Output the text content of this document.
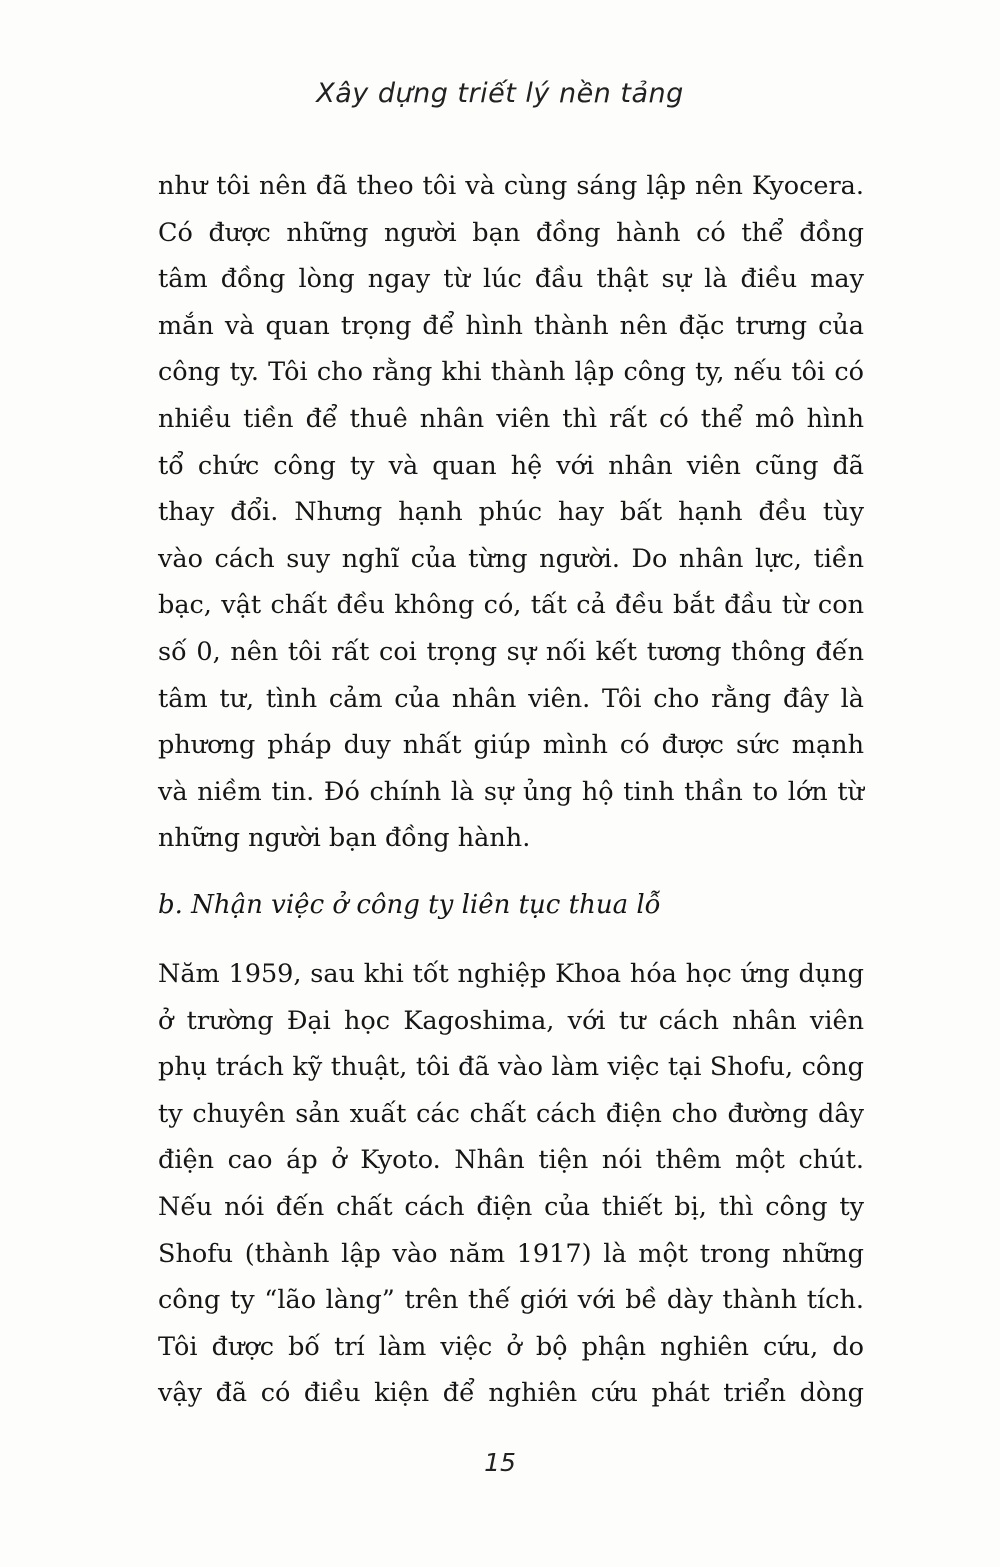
Xây dựng triết lý nền tảng
như tôi nên đã theo tôi và cùng sáng lập nên Kyocera.
Có được những người bạn đồng hành có thể đồng
tâm đồng lòng ngay từ lúc đầu thật sự là điều may
mắn và quan trọng để hình thành nên đặc trưng của
công ty. Tôi cho rằng khi thành lập công ty, nếu tôi có
nhiều tiền để thuê nhân viên thì rất có thể mô hình
tổ chức công ty và quan hệ với nhân viên cũng đã
thay đổi. Nhưng hạnh phúc hay bất hạnh đều tùy
vào cách suy nghĩ của từng người. Do nhân lực, tiền
bạc, vật chất đều không có, tất cả đều bắt đầu từ con
số 0, nên tôi rất coi trọng sự nối kết tương thông đến
tâm tư, tình cảm của nhân viên. Tôi cho rằng đây là
phương pháp duy nhất giúp mình có được sức mạnh
và niềm tin. Đó chính là sự ủng hộ tinh thần to lớn từ
những người bạn đồng hành.
b. Nhận việc ở công ty liên tục thua lỗ
Năm 1959, sau khi tốt nghiệp Khoa hóa học ứng dụng
ở trường Đại học Kagoshima, với tư cách nhân viên
phụ trách kỹ thuật, tôi đã vào làm việc tại Shofu, công
ty chuyên sản xuất các chất cách điện cho đường dây
điện cao áp ở Kyoto. Nhân tiện nói thêm một chút.
Nếu nói đến chất cách điện của thiết bị, thì công ty
Shofu (thành lập vào năm 1917) là một trong những
công ty “lão làng” trên thế giới với bề dày thành tích.
Tôi được bố trí làm việc ở bộ phận nghiên cứu, do
vậy đã có điều kiện để nghiên cứu phát triển dòng
15
